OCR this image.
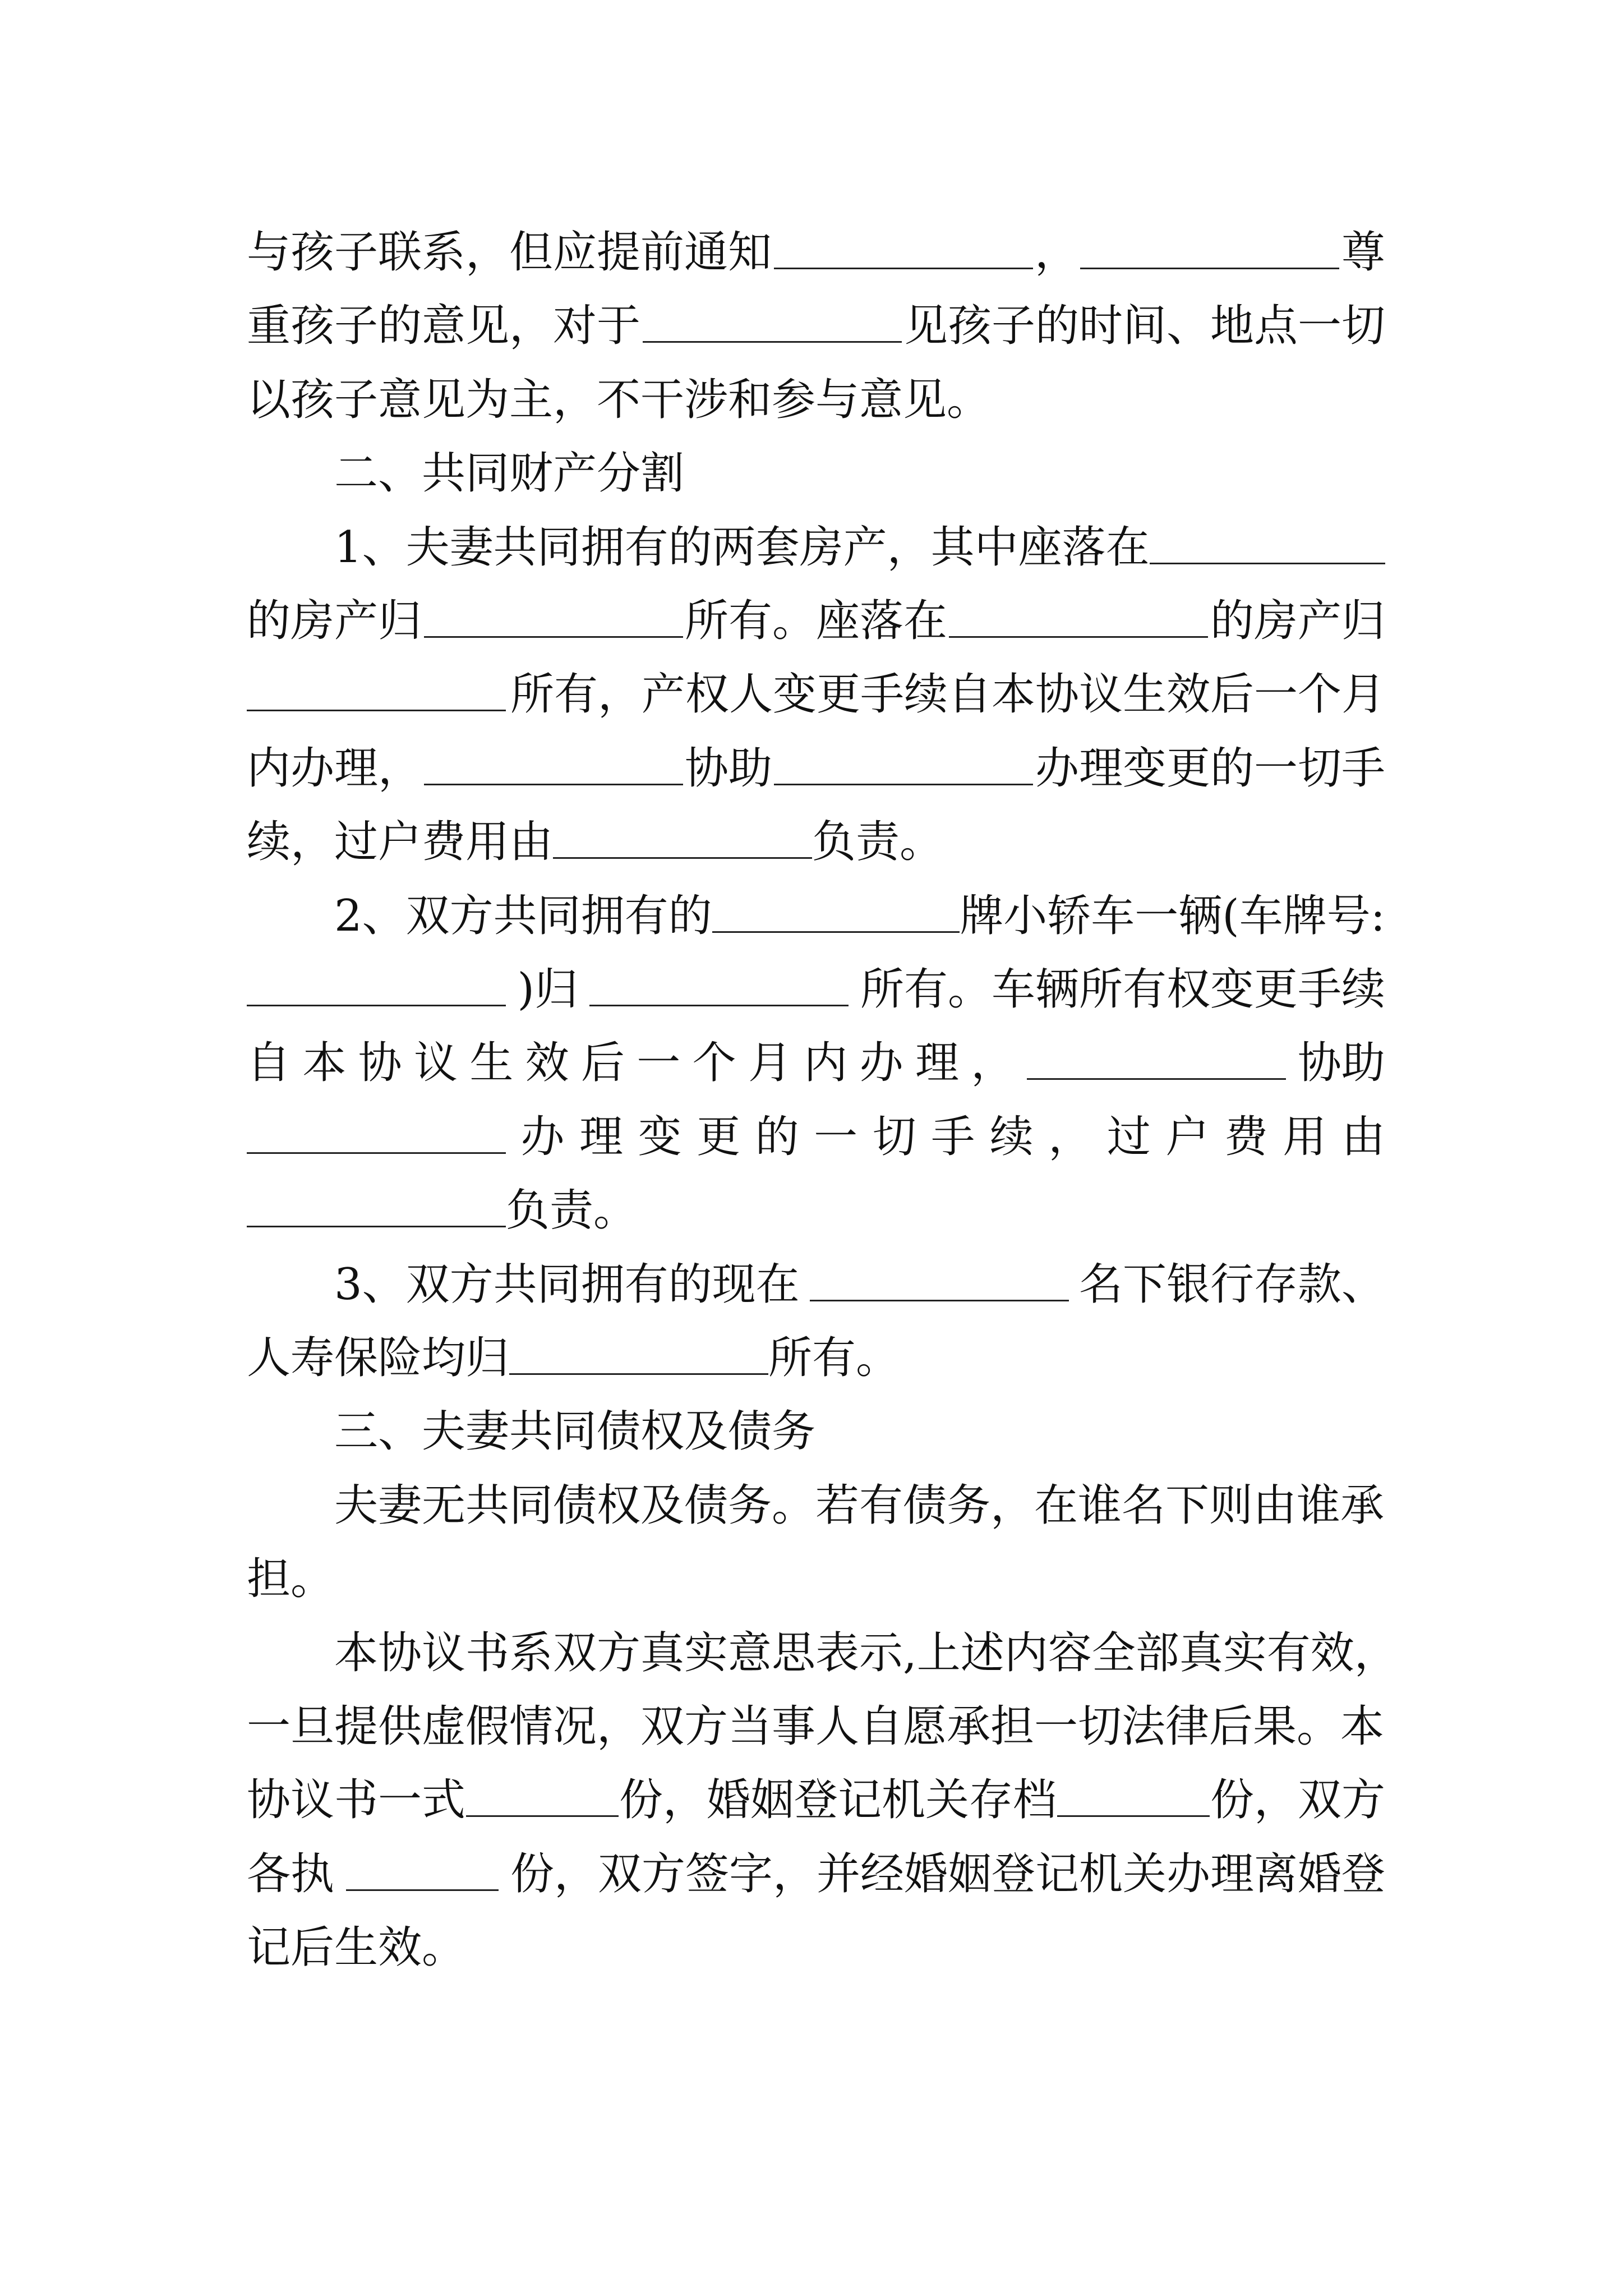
与孩子联系，但应提前通知	，	尊
重孩子的意见，对于	见孩子的时间、地点一切
以孩子意见为主，不干涉和参与意见。
二、共同财产分割
1、夫妻共同拥有的两套房产，其中座落在
的房产归	所有。座落在	的房产归
所有，产权人变更手续自本协议生效后一个月
内办理，	协助	办理变更的一切手
续，过户费用由	负责。
2、双方共同拥有的	牌小轿车一辆(车牌号:
)归	所有。车辆所有权变更手续
自 本 协 议 生 效 后 一 个 月 内 办 理 ，	协助
办 理 变 更 的 一 切 手 续 ， 过 户 费 用 由
负责。
3、双方共同拥有的现在	名下银行存款、
人寿保险均归	所有。
三、夫妻共同债权及债务
夫妻无共同债权及债务。若有债务，在谁名下则由谁承
担。
本协议书系双方真实意思表示,上述内容全部真实有效，
一旦提供虚假情况，双方当事人自愿承担一切法律后果。本
协议书一式	份，婚姻登记机关存档	份，双方
各执	份，双方签字，并经婚姻登记机关办理离婚登
记后生效。
